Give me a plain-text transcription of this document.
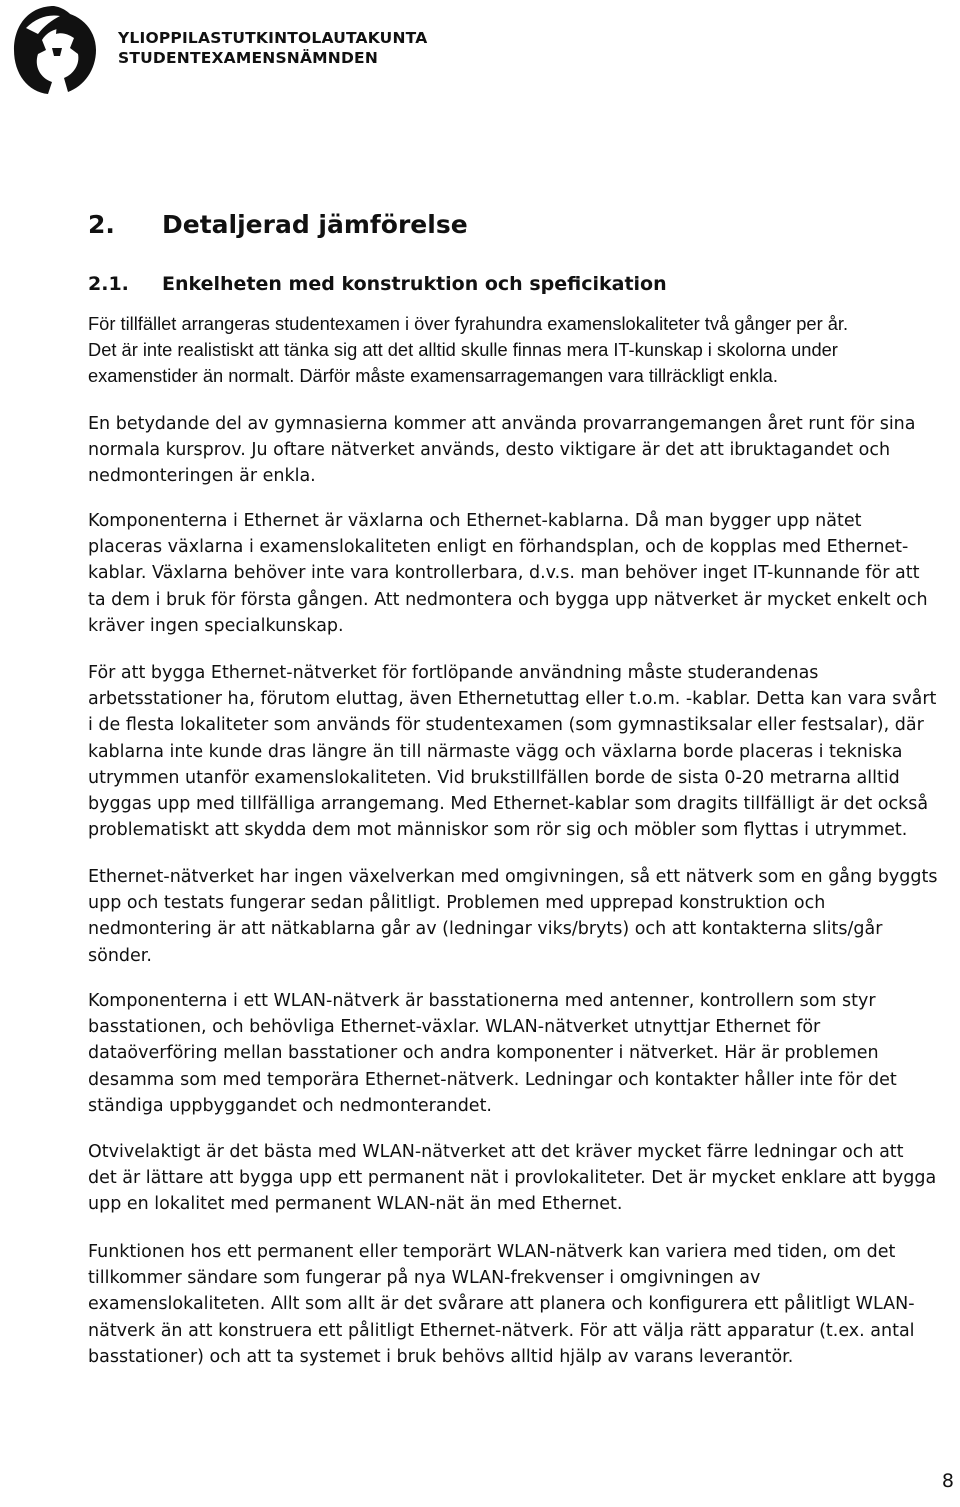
YLIOPPILASTUTKINTOLAUTAKUNTA
STUDENTEXAMENSNÄMNDEN
2. Detaljerad jämförelse
2.1. Enkelheten med konstruktion och speficikation
För tillfället arrangeras studentexamen i över fyrahundra examenslokaliteter två gånger per år.
Det är inte realistiskt att tänka sig att det alltid skulle finnas mera IT-kunskap i skolorna under
examenstider än normalt. Därför måste examensarragemangen vara tillräckligt enkla.
En betydande del av gymnasierna kommer att använda provarrangemangen året runt för sina
normala kursprov. Ju oftare nätverket används, desto viktigare är det att ibruktagandet och
nedmonteringen är enkla.
Komponenterna i Ethernet är växlarna och Ethernet-kablarna. Då man bygger upp nätet
placeras växlarna i examenslokaliteten enligt en förhandsplan, och de kopplas med Ethernet-
kablar. Växlarna behöver inte vara kontrollerbara, d.v.s. man behöver inget IT-kunnande för att
ta dem i bruk för första gången. Att nedmontera och bygga upp nätverket är mycket enkelt och
kräver ingen specialkunskap.
För att bygga Ethernet-nätverket för fortlöpande användning måste studerandenas
arbetsstationer ha, förutom eluttag, även Ethernetuttag eller t.o.m. -kablar. Detta kan vara svårt
i de flesta lokaliteter som används för studentexamen (som gymnastiksalar eller festsalar), där
kablarna inte kunde dras längre än till närmaste vägg och växlarna borde placeras i tekniska
utrymmen utanför examenslokaliteten. Vid brukstillfällen borde de sista 0-20 metrarna alltid
byggas upp med tillfälliga arrangemang. Med Ethernet-kablar som dragits tillfälligt är det också
problematiskt att skydda dem mot människor som rör sig och möbler som flyttas i utrymmet.
Ethernet-nätverket har ingen växelverkan med omgivningen, så ett nätverk som en gång byggts
upp och testats fungerar sedan pålitligt. Problemen med upprepad konstruktion och
nedmontering är att nätkablarna går av (ledningar viks/bryts) och att kontakterna slits/går
sönder.
Komponenterna i ett WLAN-nätverk är basstationerna med antenner, kontrollern som styr
basstationen, och behövliga Ethernet-växlar. WLAN-nätverket utnyttjar Ethernet för
dataöverföring mellan basstationer och andra komponenter i nätverket. Här är problemen
desamma som med temporära Ethernet-nätverk. Ledningar och kontakter håller inte för det
ständiga uppbyggandet och nedmonterandet.
Otvivelaktigt är det bästa med WLAN-nätverket att det kräver mycket färre ledningar och att
det är lättare att bygga upp ett permanent nät i provlokaliteter. Det är mycket enklare att bygga
upp en lokalitet med permanent WLAN-nät än med Ethernet.
Funktionen hos ett permanent eller temporärt WLAN-nätverk kan variera med tiden, om det
tillkommer sändare som fungerar på nya WLAN-frekvenser i omgivningen av
examenslokaliteten. Allt som allt är det svårare att planera och konfigurera ett pålitligt WLAN-
nätverk än att konstruera ett pålitligt Ethernet-nätverk. För att välja rätt apparatur (t.ex. antal
basstationer) och att ta systemet i bruk behövs alltid hjälp av varans leverantör.
8
